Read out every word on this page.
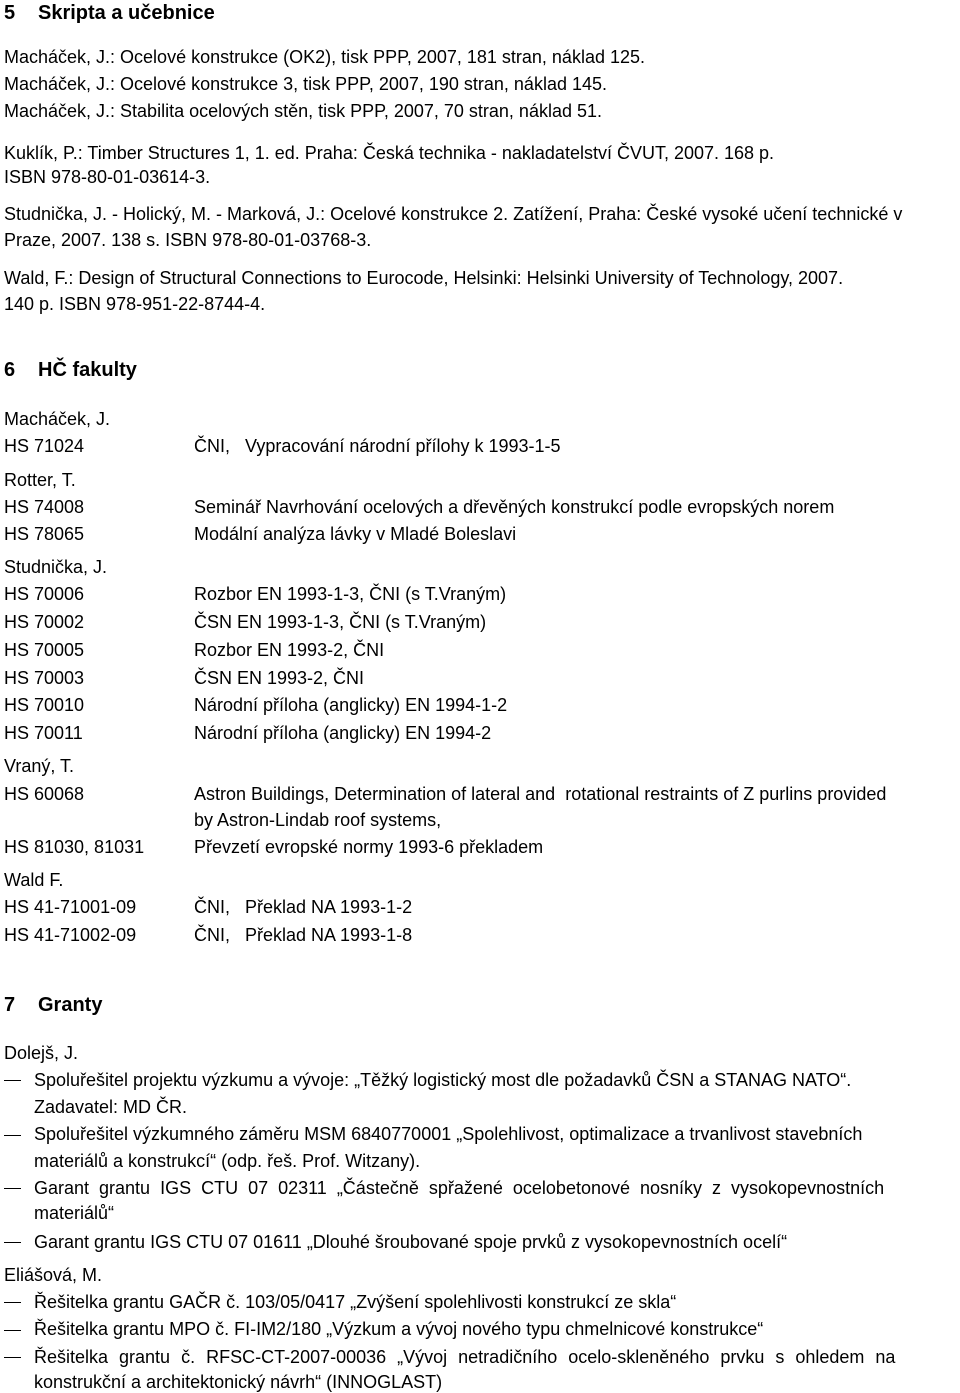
5 Skripta a učebnice
Macháček, J.: Ocelové konstrukce (OK2), tisk PPP, 2007, 181 stran, náklad 125.
Macháček, J.: Ocelové konstrukce 3, tisk PPP, 2007, 190 stran, náklad 145.
Macháček, J.: Stabilita ocelových stěn, tisk PPP, 2007, 70 stran, náklad 51.
Kuklík, P.: Timber Structures 1, 1. ed. Praha: Česká technika - nakladatelství ČVUT, 2007. 168 p.
ISBN 978-80-01-03614-3.
Studnička, J. - Holický, M. - Marková, J.: Ocelové konstrukce 2. Zatížení, Praha: České vysoké učení technické v
Praze, 2007. 138 s. ISBN 978-80-01-03768-3.
Wald, F.: Design of Structural Connections to Eurocode, Helsinki: Helsinki University of Technology, 2007.
140 p. ISBN 978-951-22-8744-4.
6 HČ fakulty
Macháček, J.
HS 71024	ČNI,   Vypracování národní přílohy k 1993-1-5
Rotter, T.
HS 74008	Seminář Navrhování ocelových a dřevěných konstrukcí podle evropských norem
HS 78065	Modální analýza lávky v Mladé Boleslavi
Studnička, J.
HS 70006	Rozbor EN 1993-1-3, ČNI (s T.Vraným)
HS 70002	ČSN EN 1993-1-3, ČNI (s T.Vraným)
HS 70005	Rozbor EN 1993-2, ČNI
HS 70003	ČSN EN 1993-2, ČNI
HS 70010	Národní příloha (anglicky) EN 1994-1-2
HS 70011	Národní příloha (anglicky) EN 1994-2
Vraný, T.
HS 60068	Astron Buildings, Determination of lateral and  rotational restraints of Z purlins provided
by Astron-Lindab roof systems,
HS 81030, 81031	Převzetí evropské normy 1993-6 překladem
Wald F.
HS 41-71001-09	ČNI,   Překlad NA 1993-1-2
HS 41-71002-09	ČNI,   Překlad NA 1993-1-8
7 Granty
Dolejš, J.
Spoluřešitel projektu výzkumu a vývoje: „Těžký logistický most dle požadavků ČSN a STANAG NATO“.
Zadavatel: MD ČR.
Spoluřešitel výzkumného záměru MSM 6840770001 „Spolehlivost, optimalizace a trvanlivost stavebních
materiálů a konstrukcí“ (odp. řeš. Prof. Witzany).
Garant grantu IGS CTU 07 02311 „Částečně spřažené ocelobetonové nosníky z vysokopevnostních
materiálů“
Garant grantu IGS CTU 07 01611 „Dlouhé šroubované spoje prvků z vysokopevnostních ocelí“
Eliášová, M.
Řešitelka grantu GAČR č. 103/05/0417 „Zvýšení spolehlivosti konstrukcí ze skla“
Řešitelka grantu MPO č. FI-IM2/180 „Výzkum a vývoj nového typu chmelnicové konstrukce“
Řešitelka grantu č. RFSC-CT-2007-00036 „Vývoj netradičního ocelo-skleněného prvku s ohledem na
konstrukční a architektonický návrh“ (INNOGLAST)
